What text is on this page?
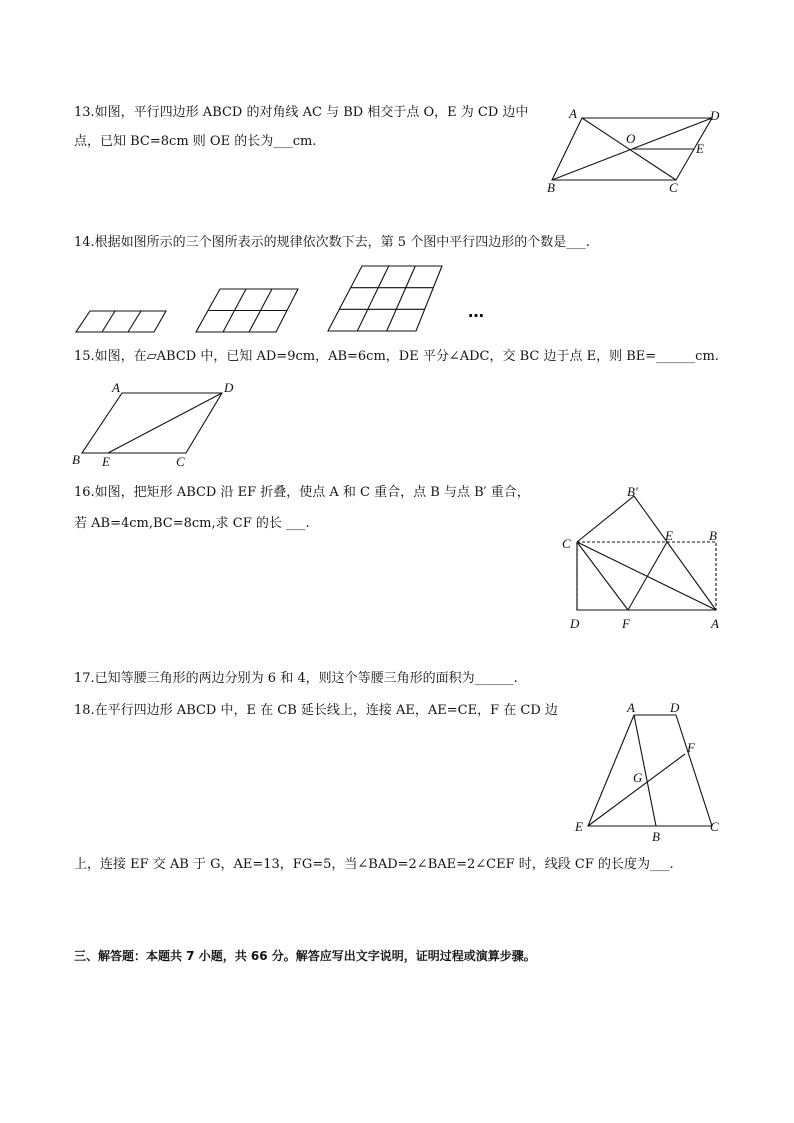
13.如图，平行四边形 ABCD 的对角线 AC 与 BD 相交于点 O，E 为 CD 边中
点，已知 BC=8cm 则 OE 的长为___cm.
A	D
O
E
B	C
14.根据如图所示的三个图所表示的规律依次数下去，第 5 个图中平行四边形的个数是___.
…
15.如图，在▱ABCD 中，已知 AD=9cm，AB=6cm，DE 平分∠ADC，交 BC 边于点 E，则 BE=______cm.
A	D
B E	C
16.如图，把矩形 ABCD 沿 EF 折叠，使点 A 和 C 重合，点 B 与点 B′ 重合，
若 AB=4cm,BC=8cm,求 CF 的长 ___.
B′
C
E	B
D	F	A
17.已知等腰三角形的两边分别为 6 和 4，则这个等腰三角形的面积为______.
18.在平行四边形 ABCD 中，E 在 CB 延长线上，连接 AE，AE=CE，F 在 CD 边	A	D
F
G
E
B
C
上，连接 EF 交 AB 于 G，AE=13，FG=5，当∠BAD=2∠BAE=2∠CEF 时，线段 CF 的长度为___.
三、解答题：本题共 7 小题，共 66 分。解答应写出文字说明，证明过程或演算步骤。
